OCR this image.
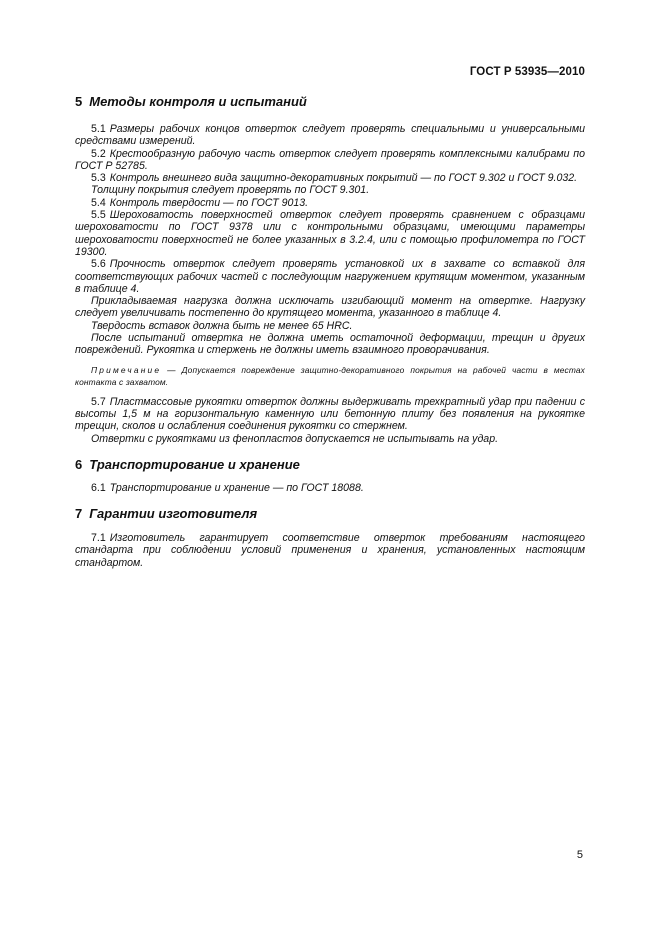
ГОСТ Р 53935—2010
5 Методы контроля и испытаний

5.1 Размеры рабочих концов отверток следует проверять специальными и универсальными средствами измерений.

5.2 Крестообразную рабочую часть отверток следует проверять комплексными калибрами по ГОСТ Р 52785.

5.3 Контроль внешнего вида защитно-декоративных покрытий — по ГОСТ 9.302 и ГОСТ 9.032.

Толщину покрытия следует проверять по ГОСТ 9.301.

5.4 Контроль твердости — по ГОСТ 9013.

5.5 Шероховатость поверхностей отверток следует проверять сравнением с образцами шероховатости по ГОСТ 9378 или с контрольными образцами, имеющими параметры шероховатости поверхностей не более указанных в 3.2.4, или с помощью профилометра по ГОСТ 19300.

5.6 Прочность отверток следует проверять установкой их в захвате со вставкой для соответствующих рабочих частей с последующим нагружением крутящим моментом, указанным в таблице 4.

Прикладываемая нагрузка должна исключать изгибающий момент на отвертке. Нагрузку следует увеличивать постепенно до крутящего момента, указанного в таблице 4.

Твердость вставок должна быть не менее 65 HRC.

После испытаний отвертка не должна иметь остаточной деформации, трещин и других повреждений. Рукоятка и стержень не должны иметь взаимного проворачивания.

Примечание — Допускается повреждение защитно-декоративного покрытия на рабочей части в местах контакта с захватом.

5.7 Пластмассовые рукоятки отверток должны выдерживать трехкратный удар при падении с высоты 1,5 м на горизонтальную каменную или бетонную плиту без появления на рукоятке трещин, сколов и ослабления соединения рукоятки со стержнем.

Отвертки с рукоятками из фенопластов допускается не испытывать на удар.

6 Транспортирование и хранение

6.1 Транспортирование и хранение — по ГОСТ 18088.

7 Гарантии изготовителя

7.1 Изготовитель гарантирует соответствие отверток требованиям настоящего стандарта при соблюдении условий применения и хранения, установленных настоящим стандартом.

5
